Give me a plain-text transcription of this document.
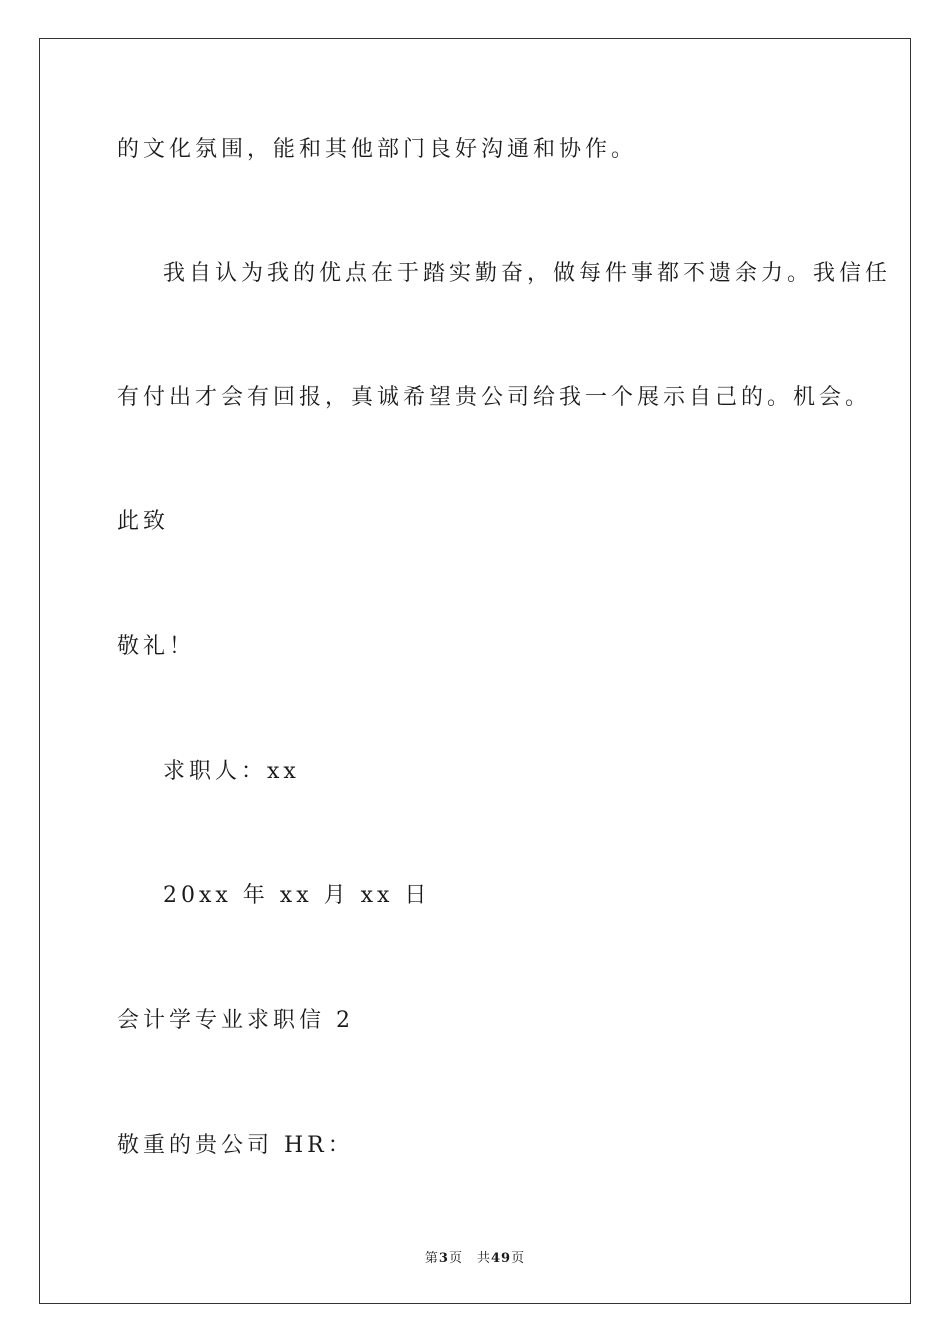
的文化氛围，能和其他部门良好沟通和协作。
我自认为我的优点在于踏实勤奋，做每件事都不遗余力。我信任
有付出才会有回报，真诚希望贵公司给我一个展示自己的。机会。
此致
敬礼！
求职人：xx
20xx 年 xx 月 xx 日
会计学专业求职信 2
敬重的贵公司 HR：
第3页 共49页
